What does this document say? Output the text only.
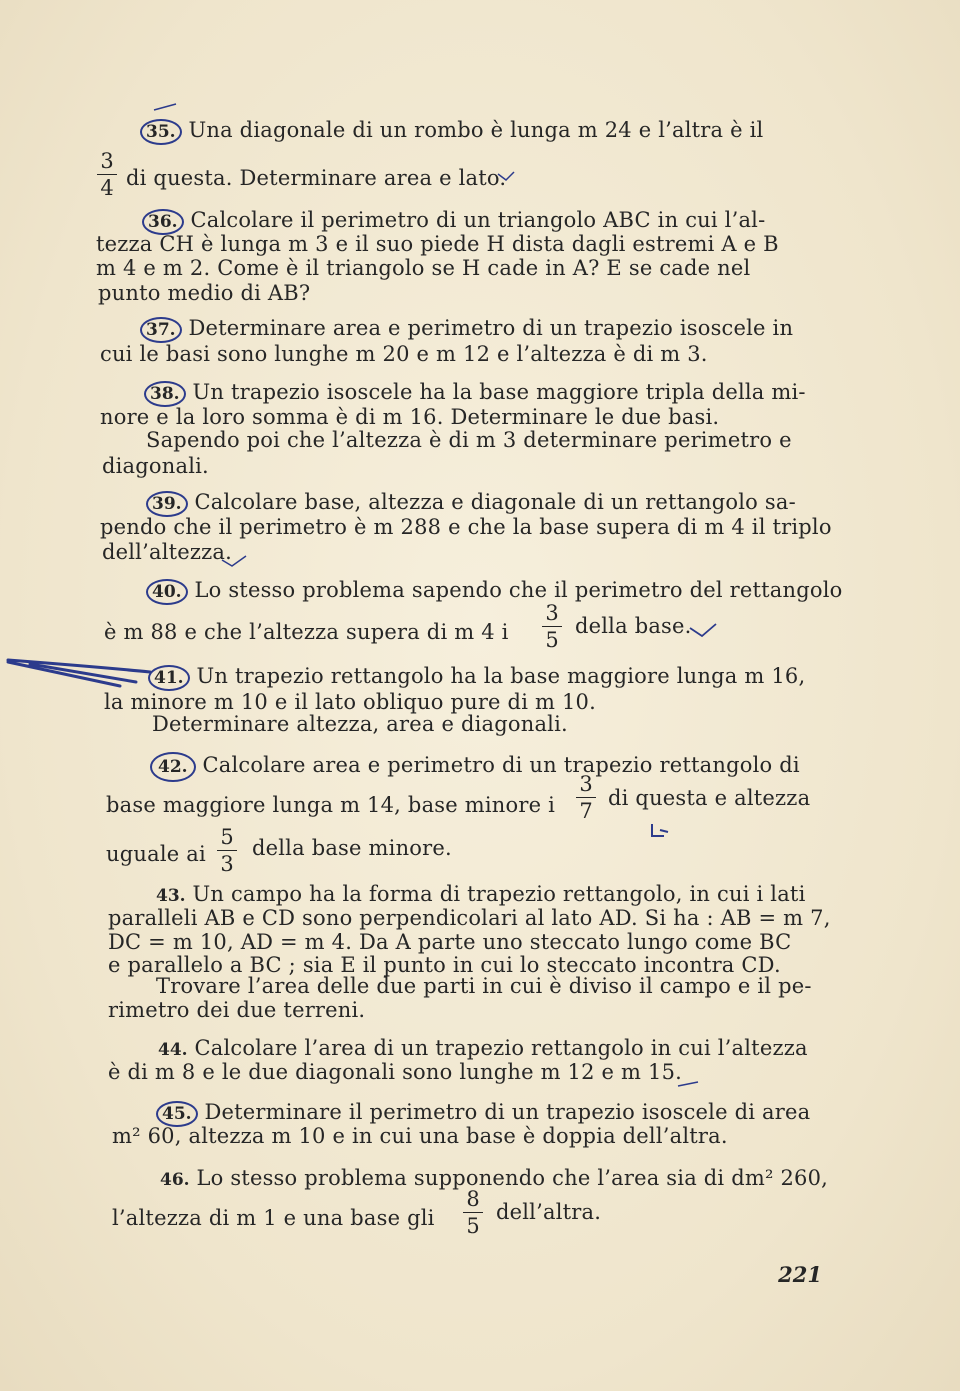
35. Una diagonale di un rombo è lunga m 24 e l’altra è il
3
4 di questa. Determinare area e lato.
36. Calcolare il perimetro di un triangolo ABC in cui l’al-
tezza CH è lunga m 3 e il suo piede H dista dagli estremi A e B
m 4 e m 2. Come è il triangolo se H cade in A? E se cade nel
punto medio di AB?
37. Determinare area e perimetro di un trapezio isoscele in
cui le basi sono lunghe m 20 e m 12 e l’altezza è di m 3.
38. Un trapezio isoscele ha la base maggiore tripla della mi-
nore e la loro somma è di m 16. Determinare le due basi.
Sapendo poi che l’altezza è di m 3 determinare perimetro e
diagonali.
39. Calcolare base, altezza e diagonale di un rettangolo sa-
pendo che il perimetro è m 288 e che la base supera di m 4 il triplo
dell’altezza.
40. Lo stesso problema sapendo che il perimetro del rettangolo
è m 88 e che l’altezza supera di m 4 i
3
5
della base.
41. Un trapezio rettangolo ha la base maggiore lunga m 16,
la minore m 10 e il lato obliquo pure di m 10.
Determinare altezza, area e diagonali.
42. Calcolare area e perimetro di un trapezio rettangolo di
base maggiore lunga m 14, base minore i
3
7
di questa e altezza
uguale ai
5
3
della base minore.
43. Un campo ha la forma di trapezio rettangolo, in cui i lati
paralleli AB e CD sono perpendicolari al lato AD. Si ha : AB = m 7,
DC = m 10, AD = m 4. Da A parte uno steccato lungo come BC
e parallelo a BC ; sia E il punto in cui lo steccato incontra CD.
Trovare l’area delle due parti in cui è diviso il campo e il pe-
rimetro dei due terreni.
44. Calcolare l’area di un trapezio rettangolo in cui l’altezza
è di m 8 e le due diagonali sono lunghe m 12 e m 15.
45. Determinare il perimetro di un trapezio isoscele di area
m² 60, altezza m 10 e in cui una base è doppia dell’altra.
46. Lo stesso problema supponendo che l’area sia di dm² 260,
l’altezza di m 1 e una base gli
8
5
dell’altra.
221
